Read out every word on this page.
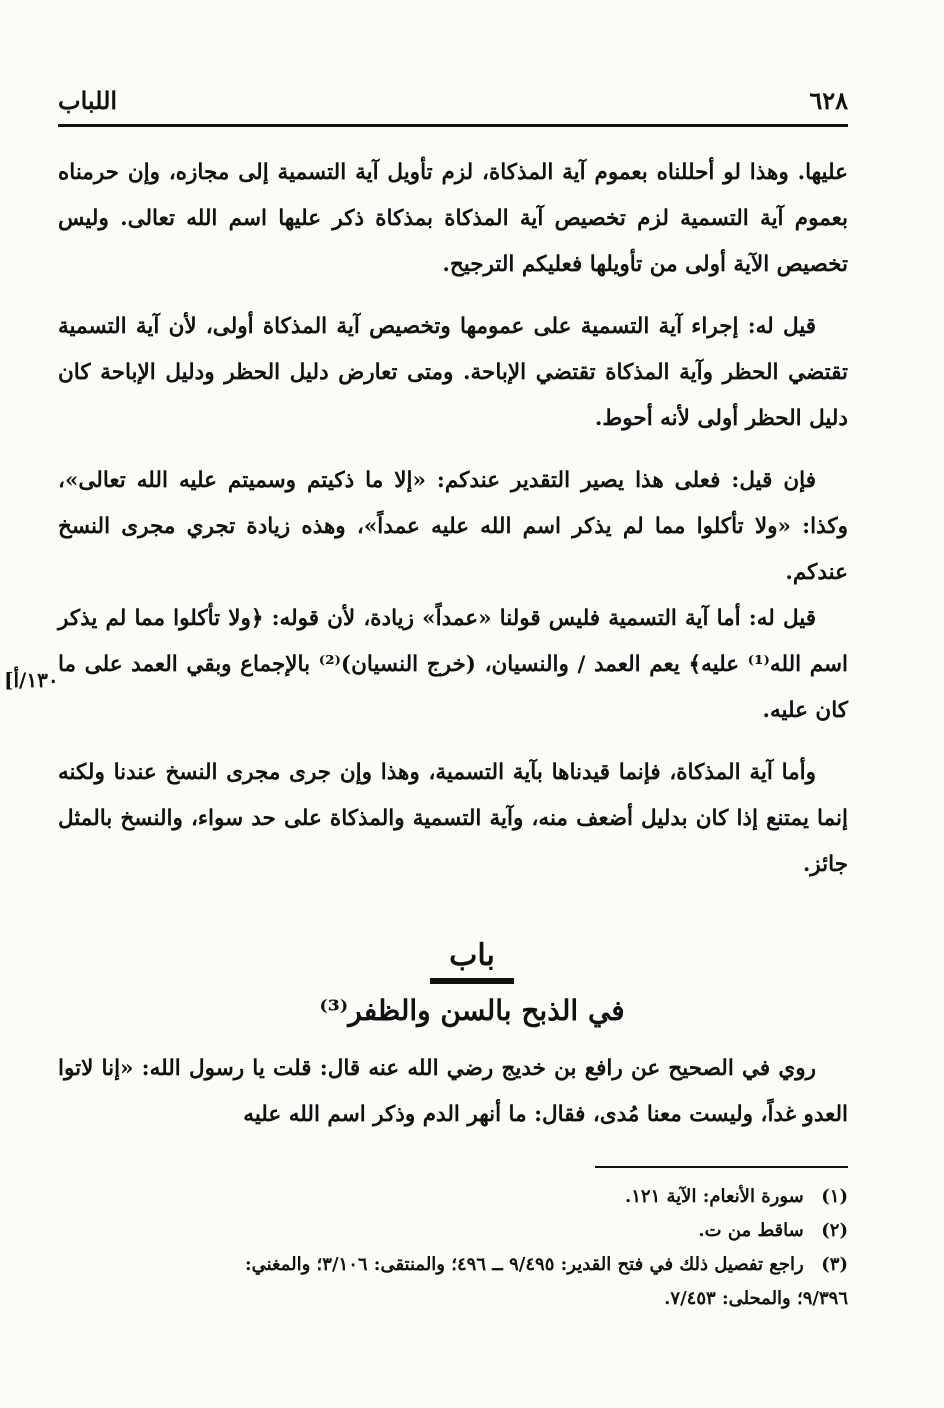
٦٢٨
اللباب

عليها. وهذا لو أحللناه بعموم آية المذكاة، لزم تأويل آية التسمية إلى مجازه، وإن حرمناه بعموم آية التسمية لزم تخصيص آية المذكاة بمذكاة ذكر عليها اسم الله تعالى. وليس تخصيص الآية أولى من تأويلها فعليكم الترجيح.

قيل له: إجراء آية التسمية على عمومها وتخصيص آية المذكاة أولى، لأن آية التسمية تقتضي الحظر وآية المذكاة تقتضي الإباحة. ومتى تعارض دليل الحظر ودليل الإباحة كان دليل الحظر أولى لأنه أحوط.

فإن قيل: فعلى هذا يصير التقدير عندكم: «إلا ما ذكيتم وسميتم عليه الله تعالى»، وكذا: «ولا تأكلوا مما لم يذكر اسم الله عليه عمداً»، وهذه زيادة تجري مجرى النسخ عندكم.

قيل له: أما آية التسمية فليس قولنا «عمداً» زيادة، لأن قوله: ﴿ولا تأكلوا مما لم يذكر اسم الله⁽¹⁾ عليه﴾ يعم العمد / والنسيان، (خرج النسيان)⁽²⁾ بالإجماع وبقي العمد على ما كان عليه.

وأما آية المذكاة، فإنما قيدناها بآية التسمية، وهذا وإن جرى مجرى النسخ عندنا ولكنه إنما يمتنع إذا كان بدليل أضعف منه، وآية التسمية والمذكاة على حد سواء، والنسخ بالمثل جائز.

١٣٠/أ]
باب
في الذبح بالسن والظفر⁽³⁾

روي في الصحيح عن رافع بن خديج رضي الله عنه قال: قلت يا رسول الله: «إنا لاتوا العدو غداً، وليست معنا مُدى، فقال: ما أنهر الدم وذكر اسم الله عليه

(١) سورة الأنعام: الآية ١٢١.

(٢) ساقط من ت.

(٣) راجع تفصيل ذلك في فتح القدير: ٩/٤٩٥ ــ ٤٩٦؛ والمنتقى: ٣/١٠٦؛ والمغني:

٩/٣٩٦؛ والمحلى: ٧/٤٥٣.
